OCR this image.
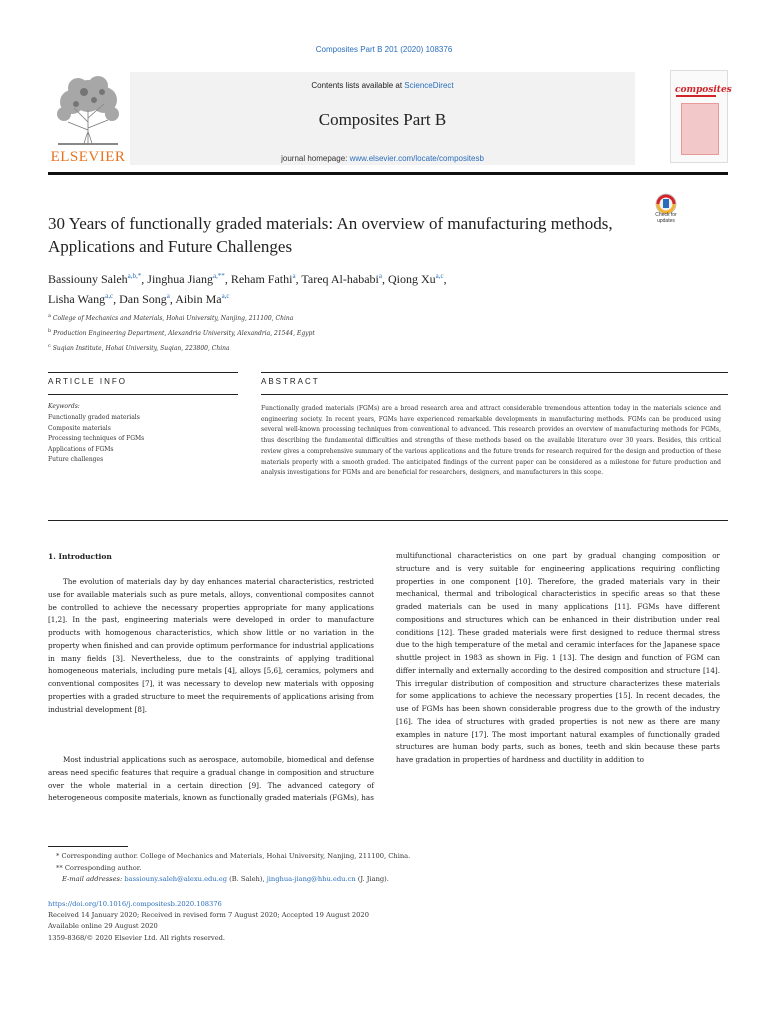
Composites Part B 201 (2020) 108376
ELSEVIER
Contents lists available at ScienceDirect
Composites Part B
journal homepage: www.elsevier.com/locate/compositesb
composites
30 Years of functionally graded materials: An overview of manufacturing methods, Applications and Future Challenges
Check for updates
Bassiouny Saleh$^{a,b,*}$, Jinghua Jiang$^{a,**}$, Reham Fathi$^a$, Tareq Al-hababi$^a$, Qiong Xu$^{a,c}$,
Lisha Wang$^{a,c}$, Dan Song$^a$, Aibin Ma$^{a,c}$
$^a$ College of Mechanics and Materials, Hohai University, Nanjing, 211100, China
$^b$ Production Engineering Department, Alexandria University, Alexandria, 21544, Egypt
$^c$ Suqian Institute, Hohai University, Suqian, 223800, China
ARTICLE INFO	ABSTRACT
Keywords:
Functionally graded materials
Composite materials
Processing techniques of FGMs
Applications of FGMs
Future challenges
Functionally graded materials (FGMs) are a broad research area and attract considerable tremendous attention today in the materials science and engineering society. In recent years, FGMs have experienced remarkable developments in manufacturing methods. FGMs can be produced using several well-known processing techniques from conventional to advanced. This research provides an overview of manufacturing methods for FGMs, thus describing the fundamental difficulties and strengths of these methods based on the available literature over 30 years. Besides, this critical review gives a comprehensive summary of the various applications and the future trends for research required for the design and production of these materials properly with a smooth graded. The anticipated findings of the current paper can be considered as a milestone for future production and analysis investigations for FGMs and are beneficial for researchers, designers, and manufacturers in this scope.
1. Introduction
The evolution of materials day by day enhances material characteristics, restricted use for available materials such as pure metals, alloys, conventional composites cannot be controlled to achieve the necessary properties appropriate for many applications [1,2]. In the past, engineering materials were developed in order to manufacture products with homogenous characteristics, which show little or no variation in the property when finished and can provide optimum performance for industrial applications in many fields [3]. Nevertheless, due to the constraints of applying traditional homogeneous materials, including pure metals [4], alloys [5,6], ceramics, polymers and conventional composites [7], it was necessary to develop new materials with opposing properties with a graded structure to meet the requirements of applications arising from industrial development [8].
Most industrial applications such as aerospace, automobile, biomedical and defense areas need specific features that require a gradual change in composition and structure over the whole material in a certain direction [9]. The advanced category of heterogeneous composite materials, known as functionally graded materials (FGMs), has
multifunctional characteristics on one part by gradual changing composition or structure and is very suitable for engineering applications requiring conflicting properties in one component [10]. Therefore, the graded materials vary in their mechanical, thermal and tribological characteristics in specific areas so that these graded materials can be used in many applications [11]. FGMs have different compositions and structures which can be enhanced in their distribution under real conditions [12]. These graded materials were first designed to reduce thermal stress due to the high temperature of the metal and ceramic interfaces for the Japanese space shuttle project in 1983 as shown in Fig. 1 [13]. The design and function of FGM can differ internally and externally according to the desired composition and structure [14]. This irregular distribution of composition and structure characterizes these materials for some applications to achieve the necessary properties [15]. In recent decades, the use of FGMs has been shown considerable progress due to the growth of the industry [16]. The idea of structures with graded properties is not new as there are many examples in nature [17]. The most important natural examples of functionally graded structures are human body parts, such as bones, teeth and skin because these parts have gradation in properties of hardness and ductility in addition to
* Corresponding author. College of Mechanics and Materials, Hohai University, Nanjing, 211100, China.
** Corresponding author.
E-mail addresses: bassiouny.saleh@alexu.edu.eg (B. Saleh), jinghua-jiang@hhu.edu.cn (J. Jiang).
https://doi.org/10.1016/j.compositesb.2020.108376
Received 14 January 2020; Received in revised form 7 August 2020; Accepted 19 August 2020
Available online 29 August 2020
1359-8368/© 2020 Elsevier Ltd. All rights reserved.
